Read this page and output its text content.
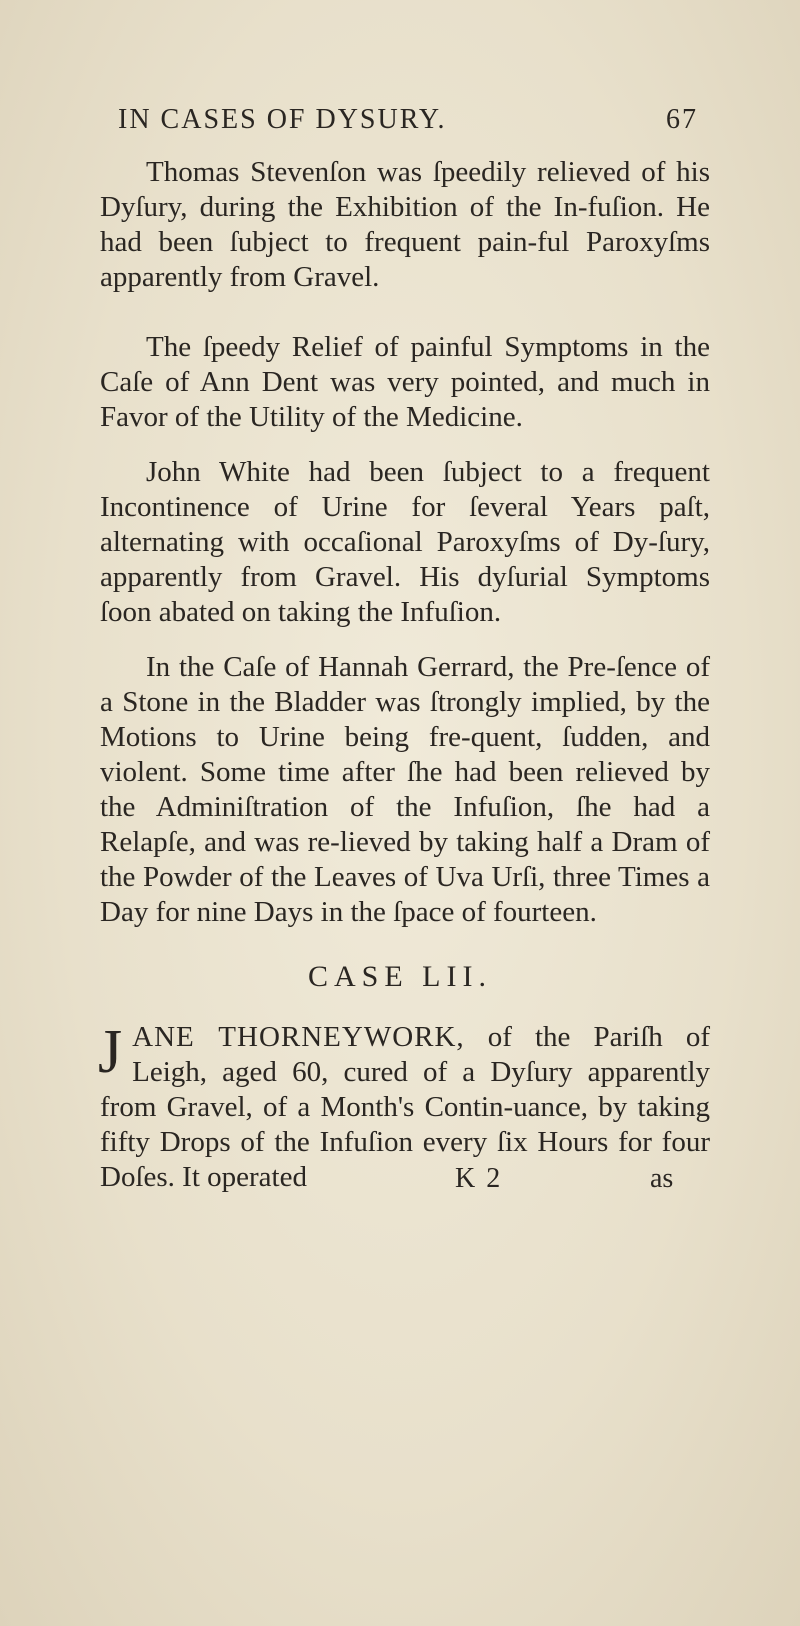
IN CASES OF DYSURY.	67

Thomas Stevenſon was ſpeedily relieved of his Dyſury, during the Exhibition of the In-fuſion. He had been ſubject to frequent pain-ful Paroxyſms apparently from Gravel.

The ſpeedy Relief of painful Symptoms in the Caſe of Ann Dent was very pointed, and much in Favor of the Utility of the Medicine.

John White had been ſubject to a frequent Incontinence of Urine for ſeveral Years paſt, alternating with occaſional Paroxyſms of Dy-ſury, apparently from Gravel. His dyſurial Symptoms ſoon abated on taking the Infuſion.

In the Caſe of Hannah Gerrard, the Pre-ſence of a Stone in the Bladder was ſtrongly implied, by the Motions to Urine being fre-quent, ſudden, and violent. Some time after ſhe had been relieved by the Adminiſtration of the Infuſion, ſhe had a Relapſe, and was re-lieved by taking half a Dram of the Powder of the Leaves of Uva Urſi, three Times a Day for nine Days in the ſpace of fourteen.

CASE LII.

JANE THORNEYWORK, of the Pariſh of Leigh, aged 60, cured of a Dyſury apparently from Gravel, of a Month's Contin-uance, by taking fifty Drops of the Infuſion every ſix Hours for four Doſes. It operated	K 2	as
